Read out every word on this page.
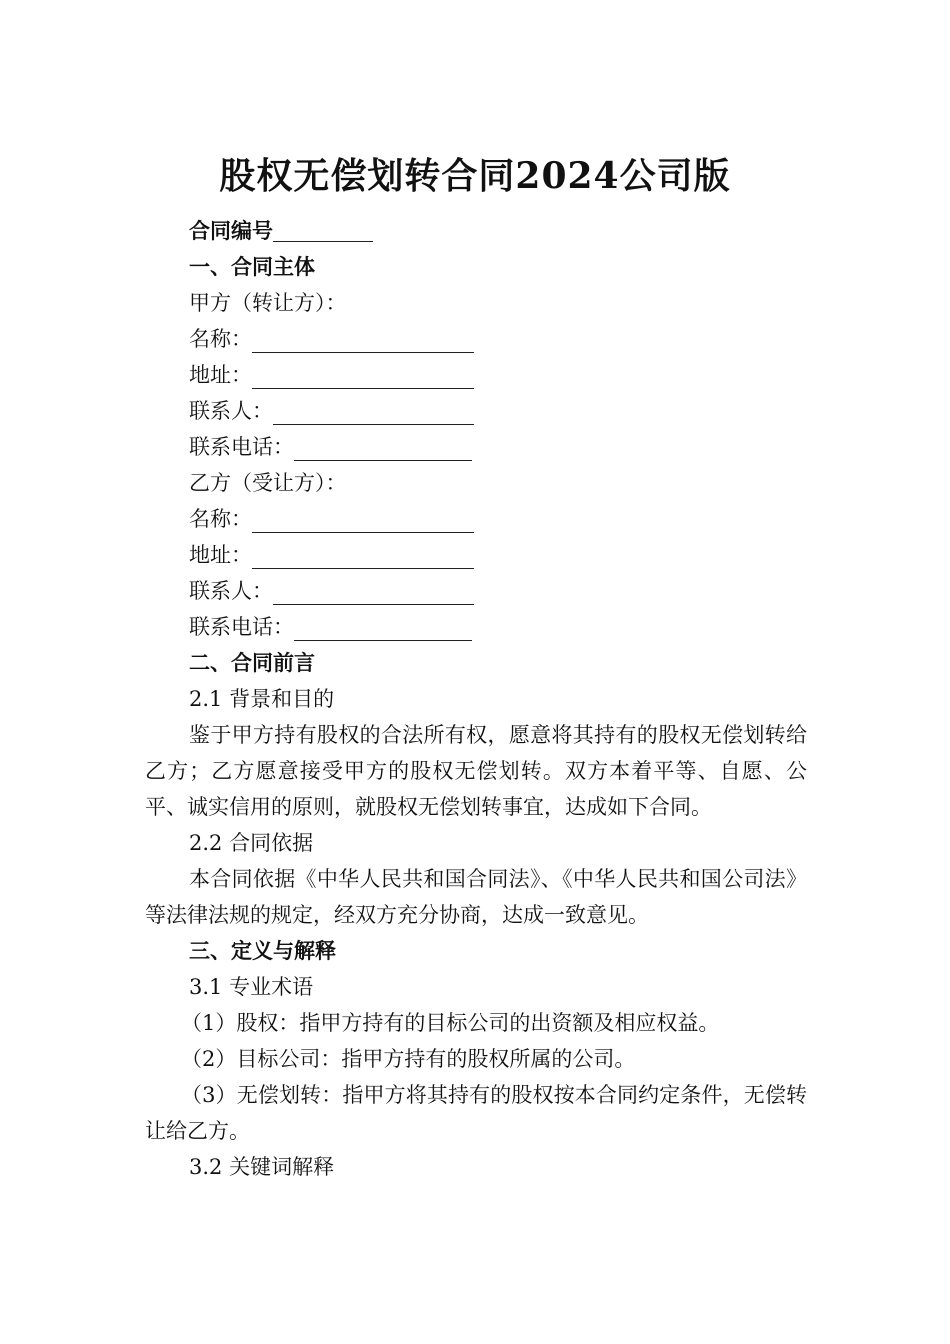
股权无偿划转合同2024公司版
合同编号
一、合同主体
甲方（转让方）：
名称：
地址：
联系人：
联系电话：
乙方（受让方）：
名称：
地址：
联系人：
联系电话：
二、合同前言
2.1 背景和目的
鉴于甲方持有股权的合法所有权，愿意将其持有的股权无偿划转给乙方；乙方愿意接受甲方的股权无偿划转。双方本着平等、自愿、公平、诚实信用的原则，就股权无偿划转事宜，达成如下合同。
2.2 合同依据
本合同依据《中华人民共和国合同法》、《中华人民共和国公司法》等法律法规的规定，经双方充分协商，达成一致意见。
三、定义与解释
3.1 专业术语
（1）股权：指甲方持有的目标公司的出资额及相应权益。
（2）目标公司：指甲方持有的股权所属的公司。
（3）无偿划转：指甲方将其持有的股权按本合同约定条件，无偿转让给乙方。
3.2 关键词解释
